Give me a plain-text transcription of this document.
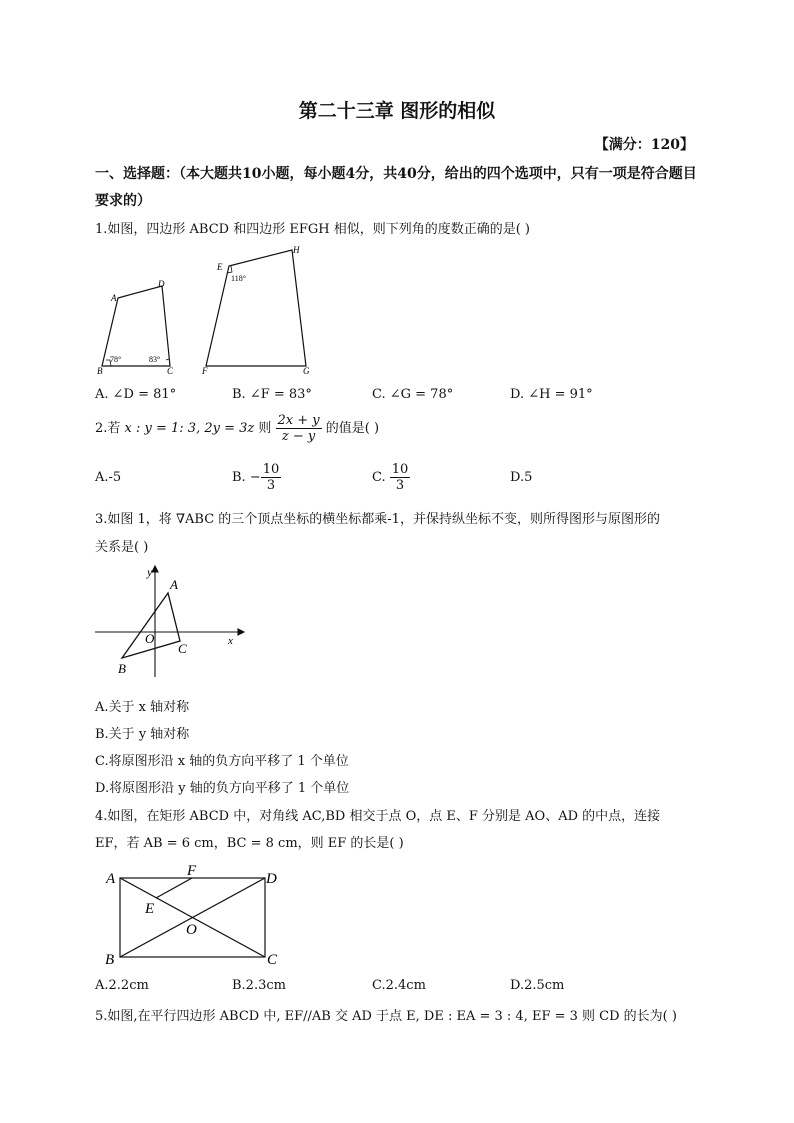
第二十三章 图形的相似
【满分：120】
一、选择题：（本大题共10小题，每小题4分，共40分，给出的四个选项中，只有一项是符合题目要求的）
1.如图，四边形 ABCD 和四边形 EFGH 相似，则下列角的度数正确的是( )
A
D
B	C
78°	83°
E
H
F	G
118°
A. ∠D = 81°	B. ∠F = 83°	C. ∠G = 78°	D. ∠H = 91°
2.若 x : y = 1: 3, 2y = 3z 则 $\frac{2x + y}{z - y}$ 的值是( )
A.-5	B. − $\frac{10}{3}$	C. $\frac{10}{3}$	D.5
3.如图 1，将 ∇ABC 的三个顶点坐标的横坐标都乘-1，并保持纵坐标不变，则所得图形与原图形的
关系是( )
y
x
A
O
B
C
A.关于 x 轴对称
B.关于 y 轴对称
C.将原图形沿 x 轴的负方向平移了 1 个单位
D.将原图形沿 y 轴的负方向平移了 1 个单位
4.如图，在矩形 ABCD 中，对角线 AC,BD 相交于点 O，点 E、F 分别是 AO、AD 的中点，连接
EF，若 AB = 6 cm，BC = 8 cm，则 EF 的长是( )
A	F	D
E
O
B	C
A.2.2cm	B.2.3cm	C.2.4cm	D.2.5cm
5.如图,在平行四边形 ABCD 中, EF//AB 交 AD 于点 E, DE : EA = 3 : 4, EF = 3 则 CD 的长为( )
